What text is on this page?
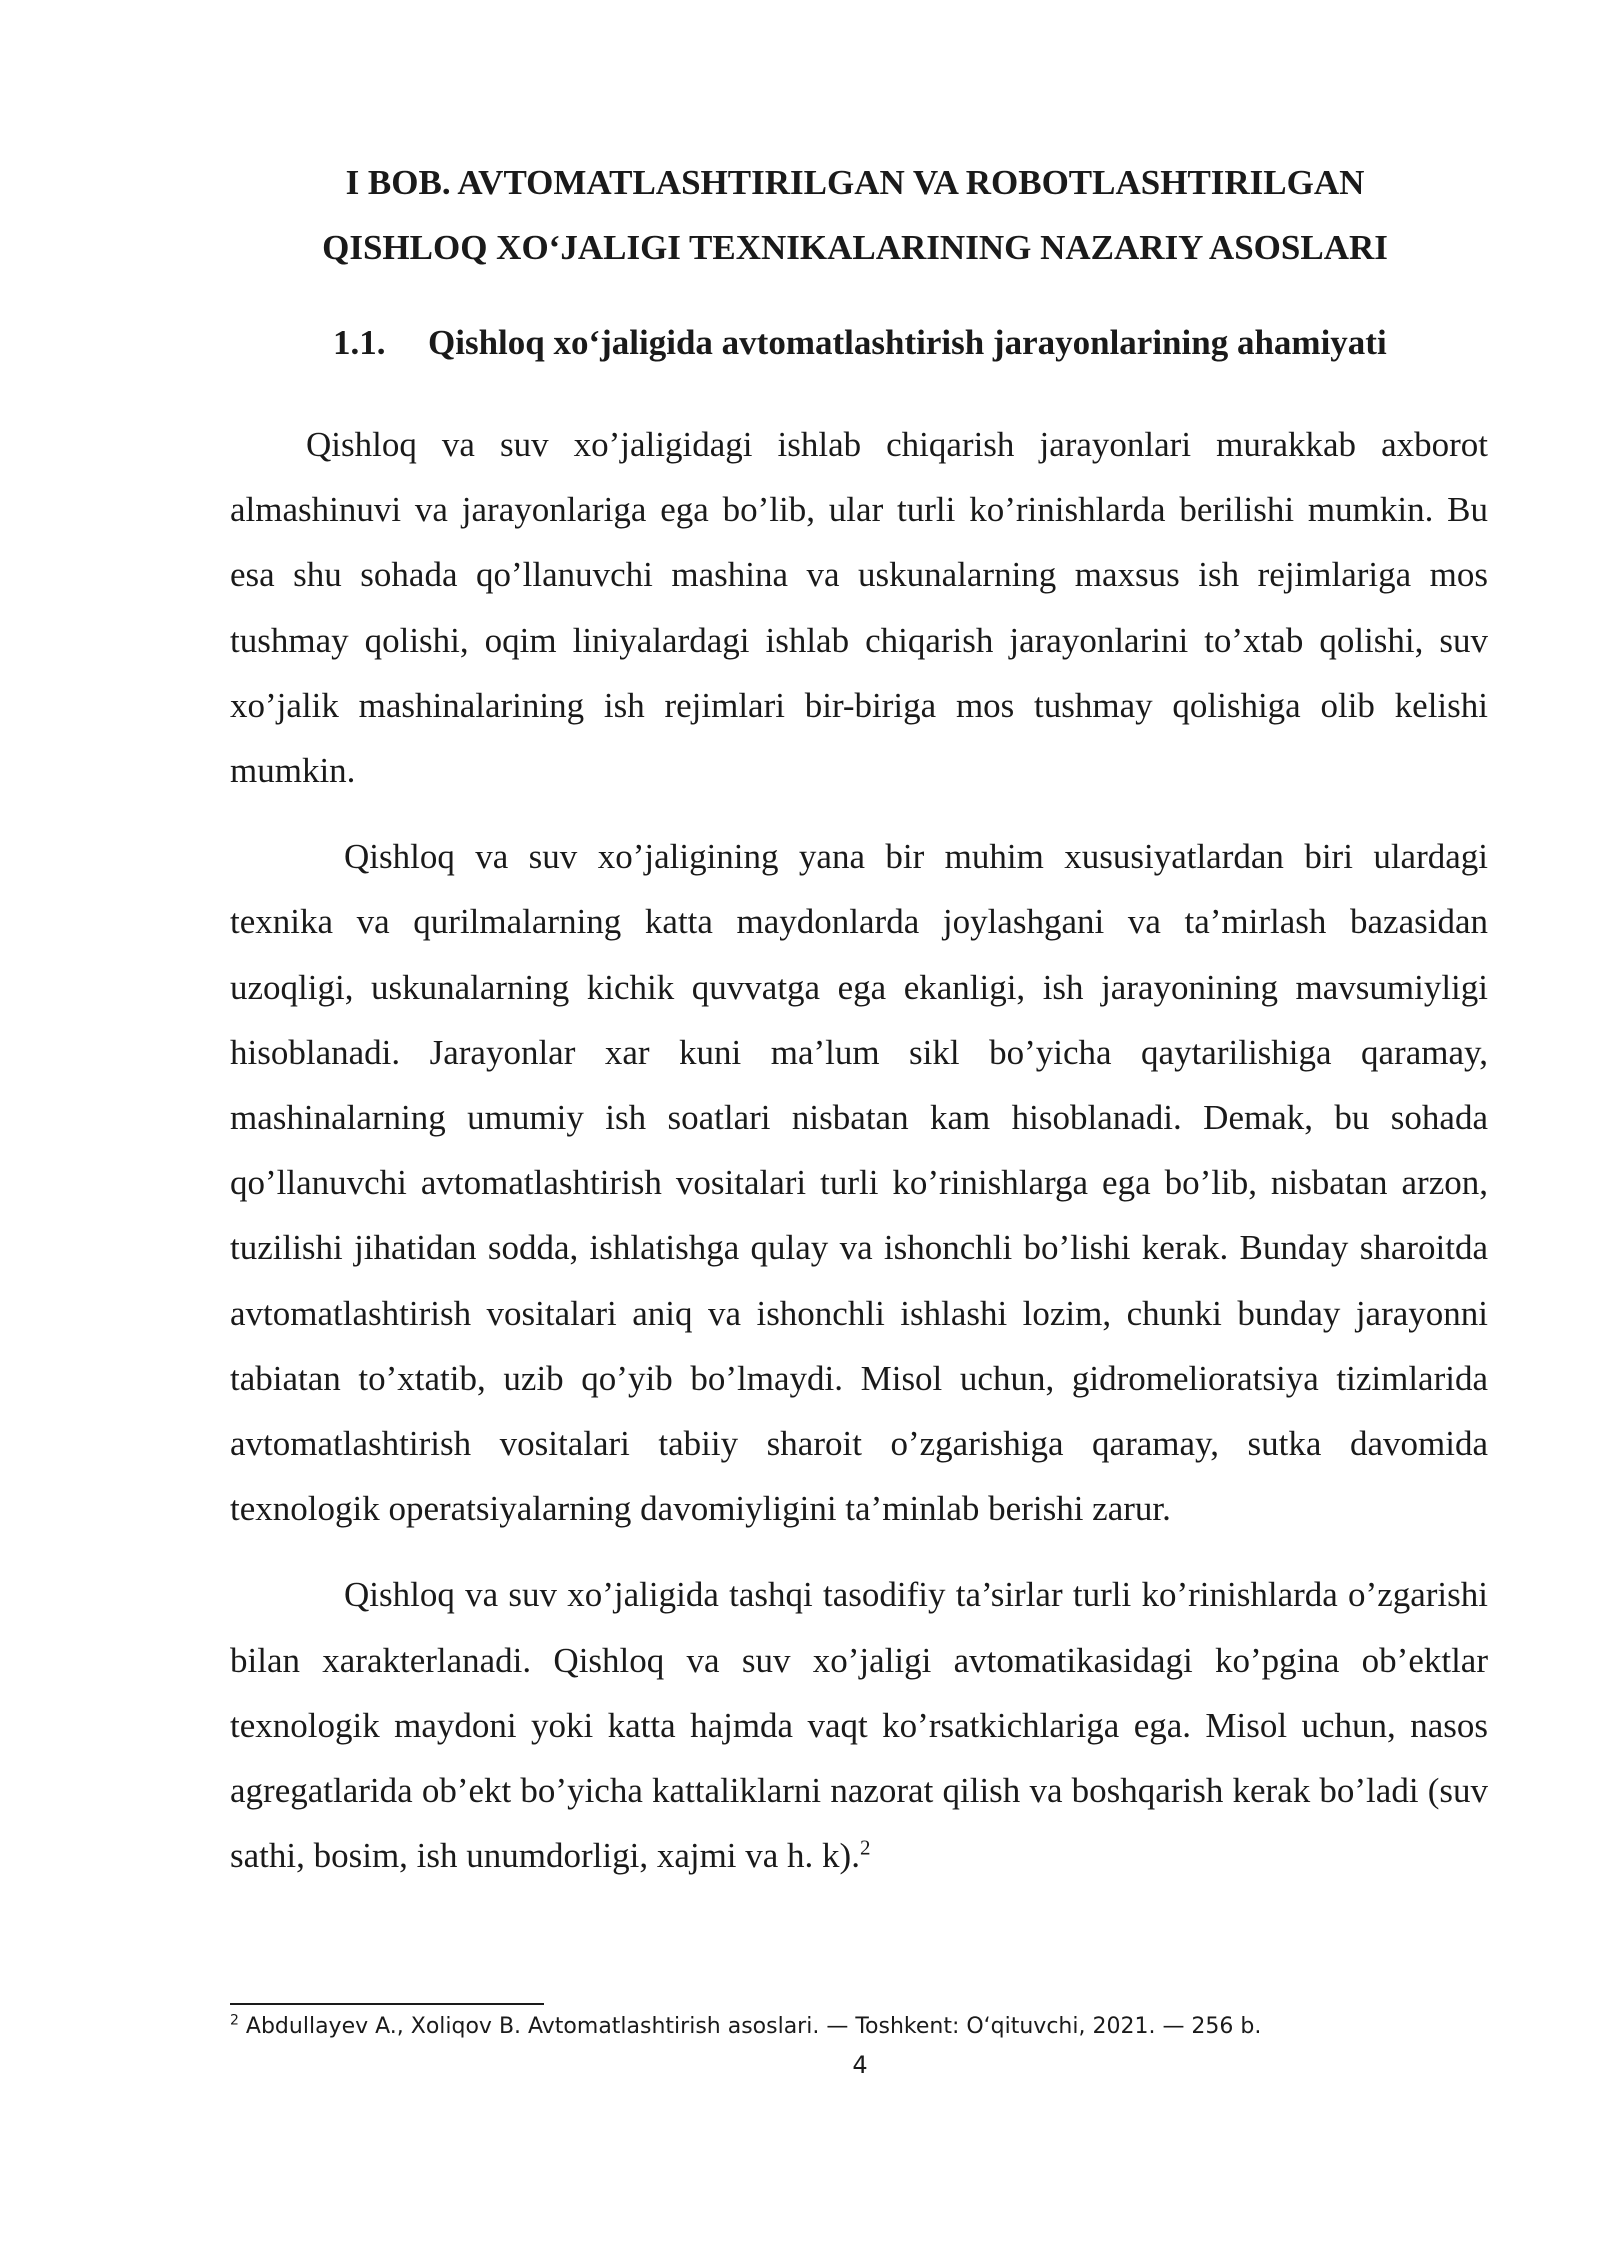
I BOB. AVTOMATLASHTIRILGAN VA ROBOTLASHTIRILGAN
QISHLOQ XO‘JALIGI TEXNIKALARINING NAZARIY ASOSLARI
1.1. Qishloq xo‘jaligida avtomatlashtirish jarayonlarining ahamiyati

Qishloq va suv xo’jaligidagi ishlab chiqarish jarayonlari murakkab axborot almashinuvi va jarayonlariga ega bo’lib, ular turli ko’rinishlarda berilishi mumkin. Bu esa shu sohada qo’llanuvchi mashina va uskunalarning maxsus ish rejimlariga mos tushmay qolishi, oqim liniyalardagi ishlab chiqarish jarayonlarini to’xtab qolishi, suv xo’jalik mashinalarining ish rejimlari bir-biriga mos tushmay qolishiga olib kelishi mumkin.

Qishloq va suv xo’jaligining yana bir muhim xususiyatlardan biri ulardagi texnika va qurilmalarning katta maydonlarda joylashgani va ta’mirlash bazasidan uzoqligi, uskunalarning kichik quvvatga ega ekanligi, ish jarayonining mavsumiyligi hisoblanadi. Jarayonlar xar kuni ma’lum sikl bo’yicha qaytarilishiga qaramay, mashinalarning umumiy ish soatlari nisbatan kam hisoblanadi. Demak, bu sohada qo’llanuvchi avtomatlashtirish vositalari turli ko’rinishlarga ega bo’lib, nisbatan arzon, tuzilishi jihatidan sodda, ishlatishga qulay va ishonchli bo’lishi kerak. Bunday sharoitda avtomatlashtirish vositalari aniq va ishonchli ishlashi lozim, chunki bunday jarayonni tabiatan to’xtatib, uzib qo’yib bo’lmaydi. Misol uchun, gidromelioratsiya tizimlarida avtomatlashtirish vositalari tabiiy sharoit o’zgarishiga qaramay, sutka davomida texnologik operatsiyalarning davomiyligini ta’minlab berishi zarur.

Qishloq va suv xo’jaligida tashqi tasodifiy ta’sirlar turli ko’rinishlarda o’zgarishi bilan xarakterlanadi. Qishloq va suv xo’jaligi avtomatikasidagi ko’pgina ob’ektlar texnologik maydoni yoki katta hajmda vaqt ko’rsatkichlariga ega. Misol uchun, nasos agregatlarida ob’ekt bo’yicha kattaliklarni nazorat qilish va boshqarish kerak bo’ladi (suv sathi, bosim, ish unumdorligi, xajmi va h. k).$^2$

$^2$ Abdullayev A., Xoliqov B. Avtomatlashtirish asoslari. — Toshkent: O‘qituvchi, 2021. — 256 b.
4
